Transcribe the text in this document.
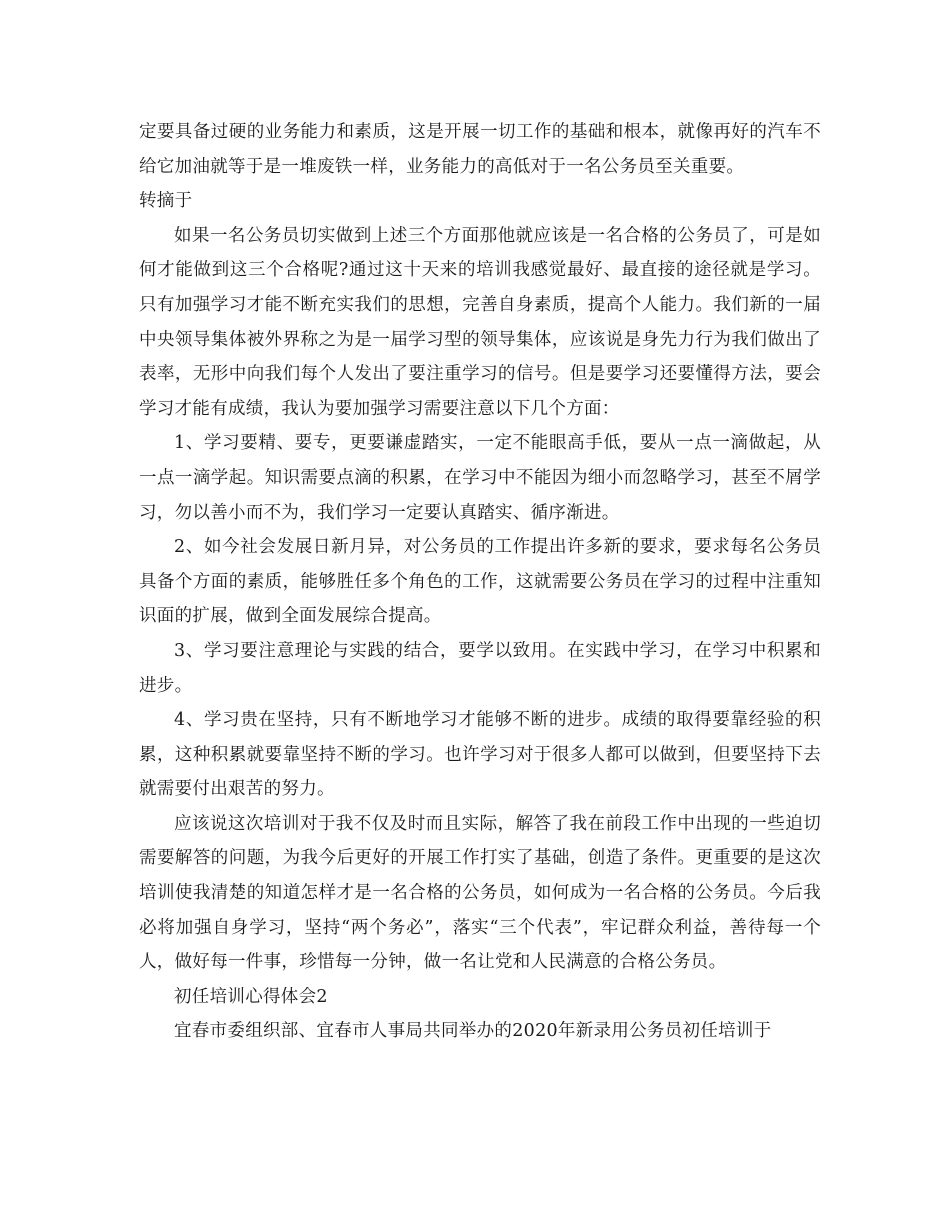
定要具备过硬的业务能力和素质，这是开展一切工作的基础和根本，就像再好的汽车不给它加油就等于是一堆废铁一样，业务能力的高低对于一名公务员至关重要。

转摘于

如果一名公务员切实做到上述三个方面那他就应该是一名合格的公务员了，可是如何才能做到这三个合格呢?通过这十天来的培训我感觉最好、最直接的途径就是学习。只有加强学习才能不断充实我们的思想，完善自身素质，提高个人能力。我们新的一届中央领导集体被外界称之为是一届学习型的领导集体，应该说是身先力行为我们做出了表率，无形中向我们每个人发出了要注重学习的信号。但是要学习还要懂得方法，要会学习才能有成绩，我认为要加强学习需要注意以下几个方面：

1、学习要精、要专，更要谦虚踏实，一定不能眼高手低，要从一点一滴做起，从一点一滴学起。知识需要点滴的积累，在学习中不能因为细小而忽略学习，甚至不屑学习，勿以善小而不为，我们学习一定要认真踏实、循序渐进。

2、如今社会发展日新月异，对公务员的工作提出许多新的要求，要求每名公务员具备个方面的素质，能够胜任多个角色的工作，这就需要公务员在学习的过程中注重知识面的扩展，做到全面发展综合提高。

3、学习要注意理论与实践的结合，要学以致用。在实践中学习，在学习中积累和进步。

4、学习贵在坚持，只有不断地学习才能够不断的进步。成绩的取得要靠经验的积累，这种积累就要靠坚持不断的学习。也许学习对于很多人都可以做到，但要坚持下去就需要付出艰苦的努力。

应该说这次培训对于我不仅及时而且实际，解答了我在前段工作中出现的一些迫切需要解答的问题，为我今后更好的开展工作打实了基础，创造了条件。更重要的是这次培训使我清楚的知道怎样才是一名合格的公务员，如何成为一名合格的公务员。今后我必将加强自身学习，坚持“两个务必”，落实“三个代表”，牢记群众利益，善待每一个人，做好每一件事，珍惜每一分钟，做一名让党和人民满意的合格公务员。

初任培训心得体会2

宜春市委组织部、宜春市人事局共同举办的2020年新录用公务员初任培训于
